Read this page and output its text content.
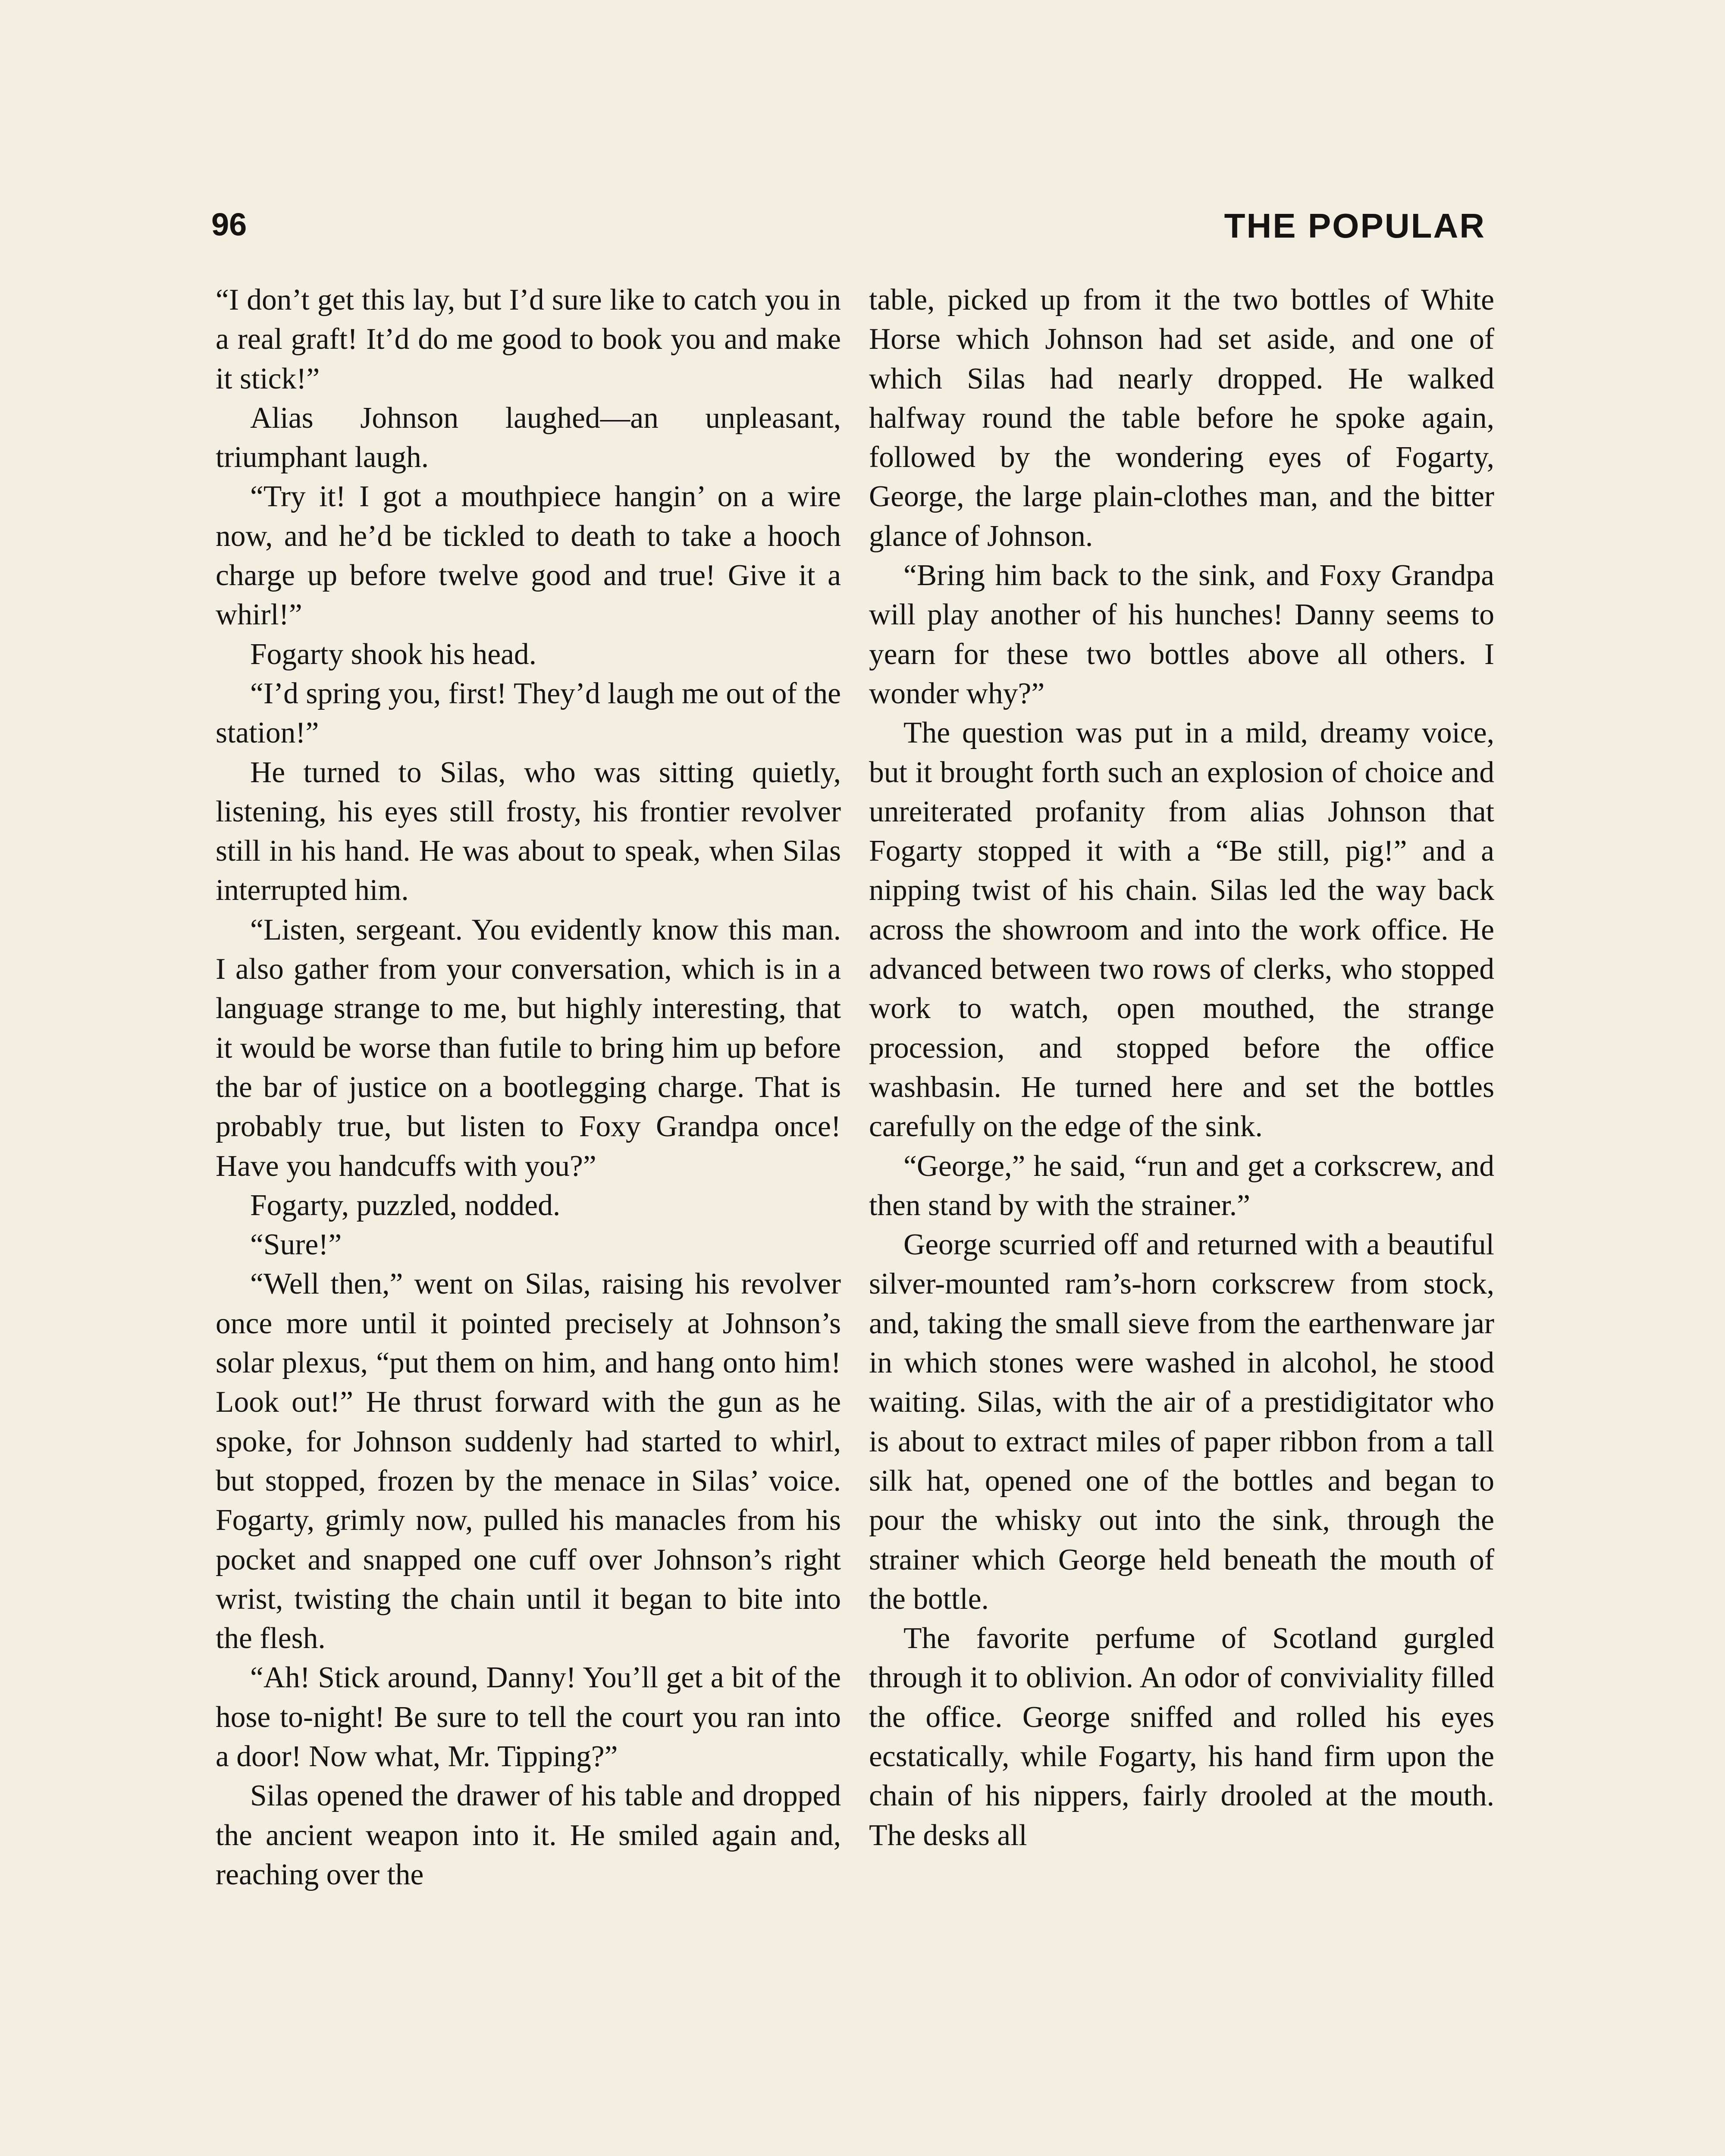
96	THE POPULAR

“I don’t get this lay, but I’d sure like to catch you in a real graft! It’d do me good to book you and make it stick!”

Alias Johnson laughed—an unpleasant, triumphant laugh.

“Try it! I got a mouthpiece hangin’ on a wire now, and he’d be tickled to death to take a hooch charge up before twelve good and true! Give it a whirl!”

Fogarty shook his head.

“I’d spring you, first! They’d laugh me out of the station!”

He turned to Silas, who was sitting quietly, listening, his eyes still frosty, his frontier revolver still in his hand. He was about to speak, when Silas interrupted him.

“Listen, sergeant. You evidently know this man. I also gather from your conversation, which is in a language strange to me, but highly interesting, that it would be worse than futile to bring him up before the bar of justice on a bootlegging charge. That is probably true, but listen to Foxy Grandpa once! Have you handcuffs with you?”

Fogarty, puzzled, nodded.

“Sure!”

“Well then,” went on Silas, raising his revolver once more until it pointed precisely at Johnson’s solar plexus, “put them on him, and hang onto him! Look out!” He thrust forward with the gun as he spoke, for Johnson suddenly had started to whirl, but stopped, frozen by the menace in Silas’ voice. Fogarty, grimly now, pulled his manacles from his pocket and snapped one cuff over Johnson’s right wrist, twisting the chain until it began to bite into the flesh.

“Ah! Stick around, Danny! You’ll get a bit of the hose to-night! Be sure to tell the court you ran into a door! Now what, Mr. Tipping?”

Silas opened the drawer of his table and dropped the ancient weapon into it. He smiled again and, reaching over the

table, picked up from it the two bottles of White Horse which Johnson had set aside, and one of which Silas had nearly dropped. He walked halfway round the table before he spoke again, followed by the wondering eyes of Fogarty, George, the large plain-clothes man, and the bitter glance of Johnson.

“Bring him back to the sink, and Foxy Grandpa will play another of his hunches! Danny seems to yearn for these two bottles above all others. I wonder why?”

The question was put in a mild, dreamy voice, but it brought forth such an explosion of choice and unreiterated profanity from alias Johnson that Fogarty stopped it with a “Be still, pig!” and a nipping twist of his chain. Silas led the way back across the showroom and into the work office. He advanced between two rows of clerks, who stopped work to watch, open mouthed, the strange procession, and stopped before the office washbasin. He turned here and set the bottles carefully on the edge of the sink.

“George,” he said, “run and get a corkscrew, and then stand by with the strainer.”

George scurried off and returned with a beautiful silver-mounted ram’s-horn corkscrew from stock, and, taking the small sieve from the earthenware jar in which stones were washed in alcohol, he stood waiting. Silas, with the air of a prestidigitator who is about to extract miles of paper ribbon from a tall silk hat, opened one of the bottles and began to pour the whisky out into the sink, through the strainer which George held beneath the mouth of the bottle.

The favorite perfume of Scotland gurgled through it to oblivion. An odor of conviviality filled the office. George sniffed and rolled his eyes ecstatically, while Fogarty, his hand firm upon the chain of his nippers, fairly drooled at the mouth. The desks all
